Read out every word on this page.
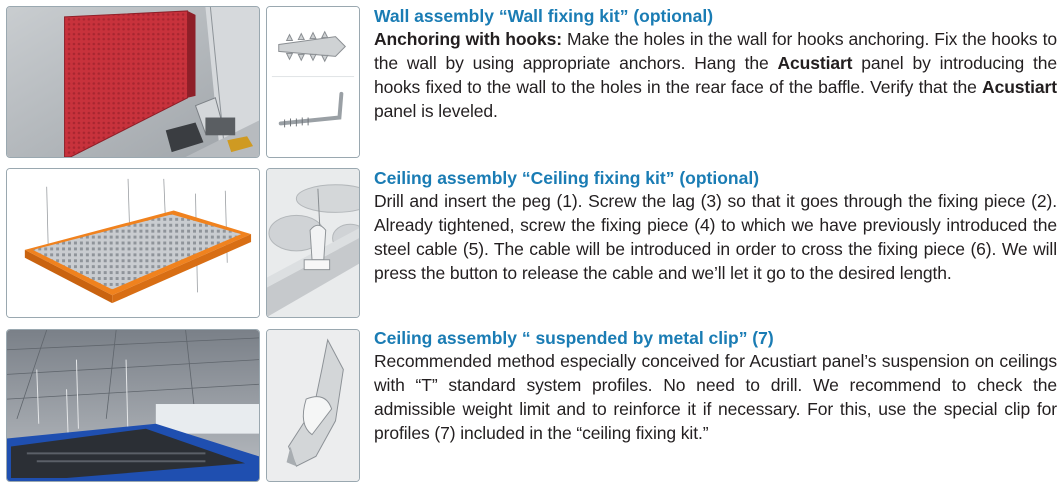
Wall assembly “Wall fixing kit” (optional)
Anchoring with hooks: Make the holes in the wall for hooks anchoring. Fix the hooks to the wall by using appropriate anchors. Hang the Acustiart panel by introducing the hooks fixed to the wall to the holes in the rear face of the baffle. Verify that the Acustiart panel is leveled.
Ceiling assembly “Ceiling fixing kit” (optional)
Drill and insert the peg (1). Screw the lag (3) so that it goes through the fixing piece (2). Already tightened, screw the fixing piece (4) to which we have previously introduced the steel cable (5). The cable will be introduced in order to cross the fixing piece (6). We will press the button to release the cable and we’ll let it go to the desired length.
Ceiling assembly “ suspended by metal clip” (7)
Recommended method especially conceived for Acustiart panel’s suspension on ceilings with “T” standard system profiles. No need to drill. We recommend to check the admissible weight limit and to reinforce it if necessary. For this, use the special clip for profiles (7) included in the “ceiling fixing kit.”
